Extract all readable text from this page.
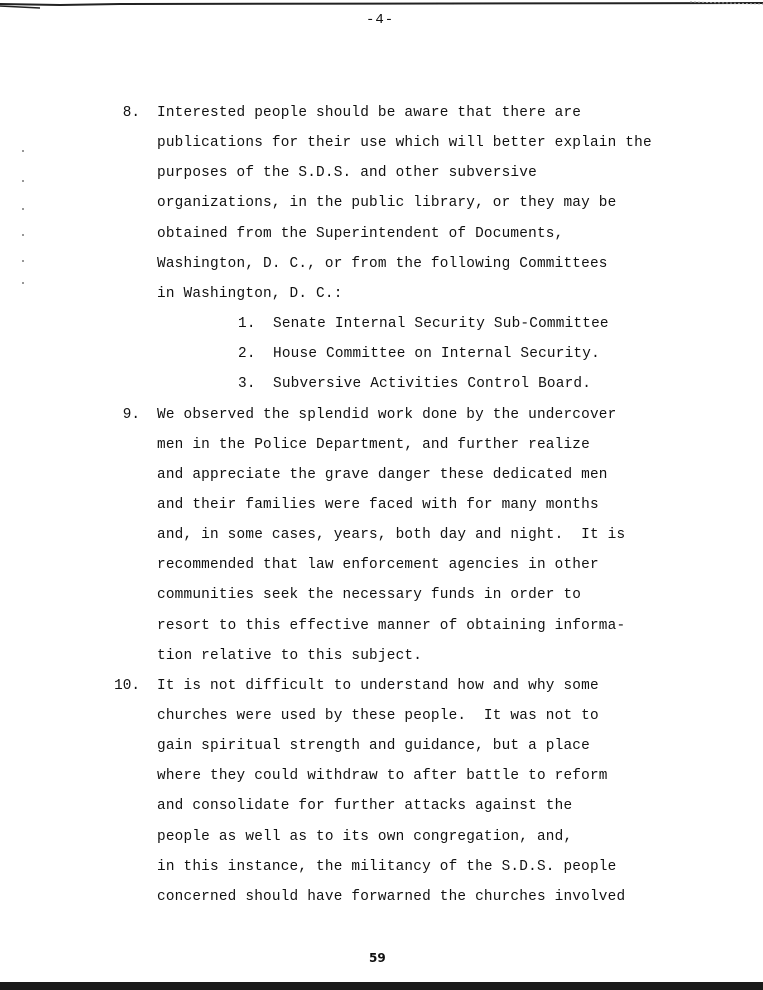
-4-
8. Interested people should be aware that there are
publications for their use which will better explain the
purposes of the S.D.S. and other subversive
organizations, in the public library, or they may be
obtained from the Superintendent of Documents,
Washington, D. C., or from the following Committees
in Washington, D. C.:
1. Senate Internal Security Sub-Committee
2. House Committee on Internal Security.
3. Subversive Activities Control Board.
9. We observed the splendid work done by the undercover
men in the Police Department, and further realize
and appreciate the grave danger these dedicated men
and their families were faced with for many months
and, in some cases, years, both day and night.  It is
recommended that law enforcement agencies in other
communities seek the necessary funds in order to
resort to this effective manner of obtaining informa-
tion relative to this subject.
10. It is not difficult to understand how and why some
churches were used by these people.  It was not to
gain spiritual strength and guidance, but a place
where they could withdraw to after battle to reform
and consolidate for further attacks against the
people as well as to its own congregation, and,
in this instance, the militancy of the S.D.S. people
concerned should have forwarned the churches involved
59
